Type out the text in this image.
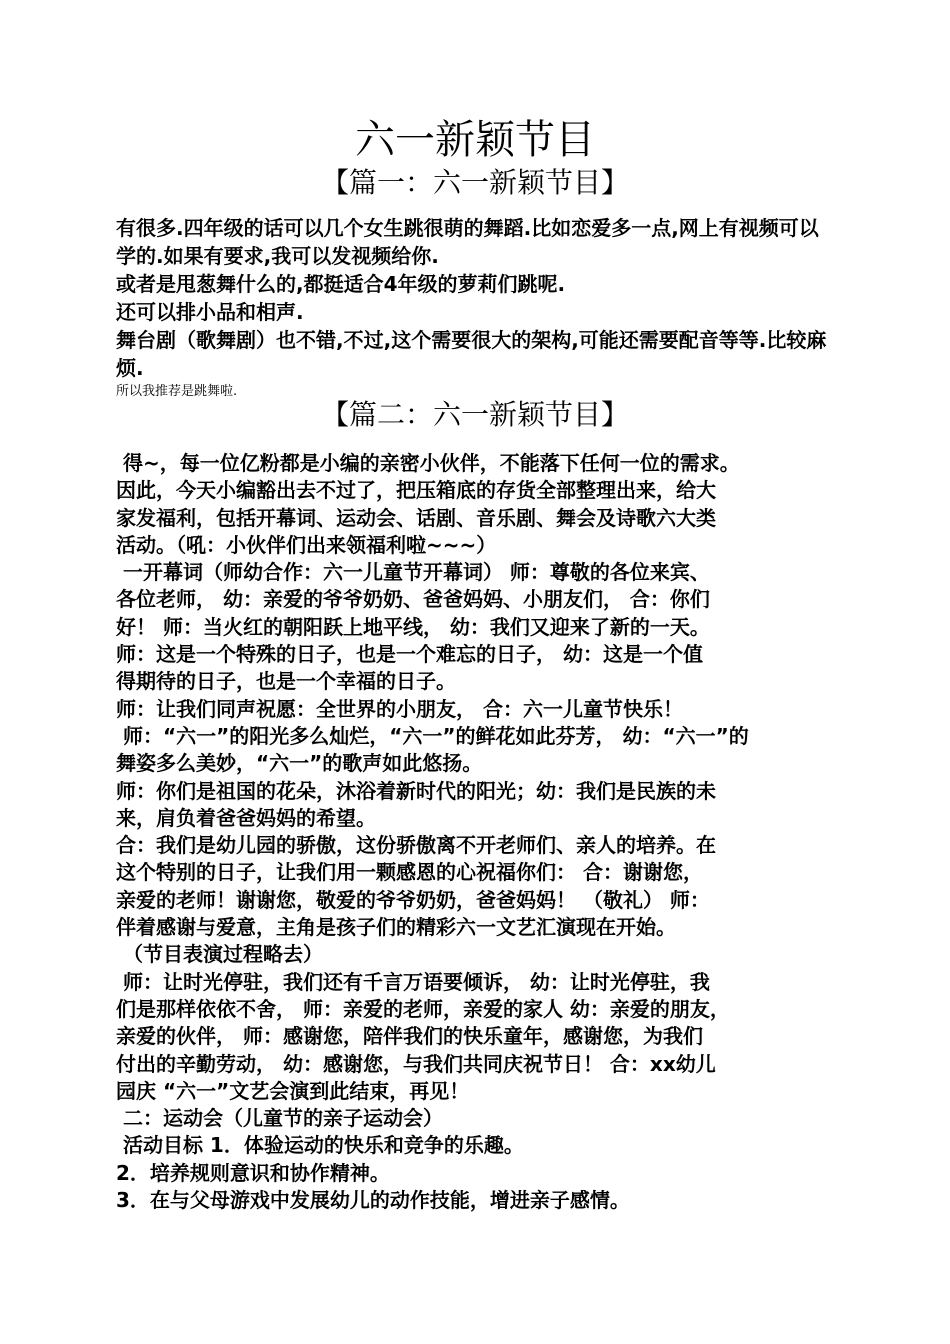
六一新颖节目
【篇一：六一新颖节目】

有很多.四年级的话可以几个女生跳很萌的舞蹈.比如恋爱多一点,网上有视频可以学的.如果有要求,我可以发视频给你.

或者是甩葱舞什么的,都挺适合4年级的萝莉们跳呢.

还可以排小品和相声.

舞台剧（歌舞剧）也不错,不过,这个需要很大的架构,可能还需要配音等等.比较麻烦.

所以我推荐是跳舞啦.

【篇二：六一新颖节目】

得~，每一位亿粉都是小编的亲密小伙伴，不能落下任何一位的需求。

因此，今天小编豁出去不过了，把压箱底的存货全部整理出来，给大

家发福利，包括开幕词、运动会、话剧、音乐剧、舞会及诗歌六大类

活动。（吼：小伙伴们出来领福利啦~~~）

一开幕词（师幼合作：六一儿童节开幕词） 师：尊敬的各位来宾、

各位老师， 幼：亲爱的爷爷奶奶、爸爸妈妈、小朋友们， 合：你们

好！ 师：当火红的朝阳跃上地平线， 幼：我们又迎来了新的一天。

师：这是一个特殊的日子，也是一个难忘的日子， 幼：这是一个值

得期待的日子，也是一个幸福的日子。

师：让我们同声祝愿：全世界的小朋友， 合：六一儿童节快乐！

师：“六一”的阳光多么灿烂，“六一”的鲜花如此芬芳， 幼：“六一”的

舞姿多么美妙，“六一”的歌声如此悠扬。

师：你们是祖国的花朵，沐浴着新时代的阳光；幼：我们是民族的未

来，肩负着爸爸妈妈的希望。

合：我们是幼儿园的骄傲，这份骄傲离不开老师们、亲人的培养。在

这个特别的日子，让我们用一颗感恩的心祝福你们： 合：谢谢您，

亲爱的老师！谢谢您，敬爱的爷爷奶奶，爸爸妈妈！ （敬礼） 师：

伴着感谢与爱意，主角是孩子们的精彩六一文艺汇演现在开始。

（节目表演过程略去）

师：让时光停驻，我们还有千言万语要倾诉， 幼：让时光停驻，我

们是那样依依不舍， 师：亲爱的老师，亲爱的家人 幼：亲爱的朋友，

亲爱的伙伴， 师：感谢您，陪伴我们的快乐童年，感谢您，为我们

付出的辛勤劳动， 幼：感谢您，与我们共同庆祝节日！ 合：xx幼儿

园庆 “六一”文艺会演到此结束，再见！

二：运动会（儿童节的亲子运动会）

活动目标 1．体验运动的快乐和竞争的乐趣。

2．培养规则意识和协作精神。

3．在与父母游戏中发展幼儿的动作技能，增进亲子感情。
